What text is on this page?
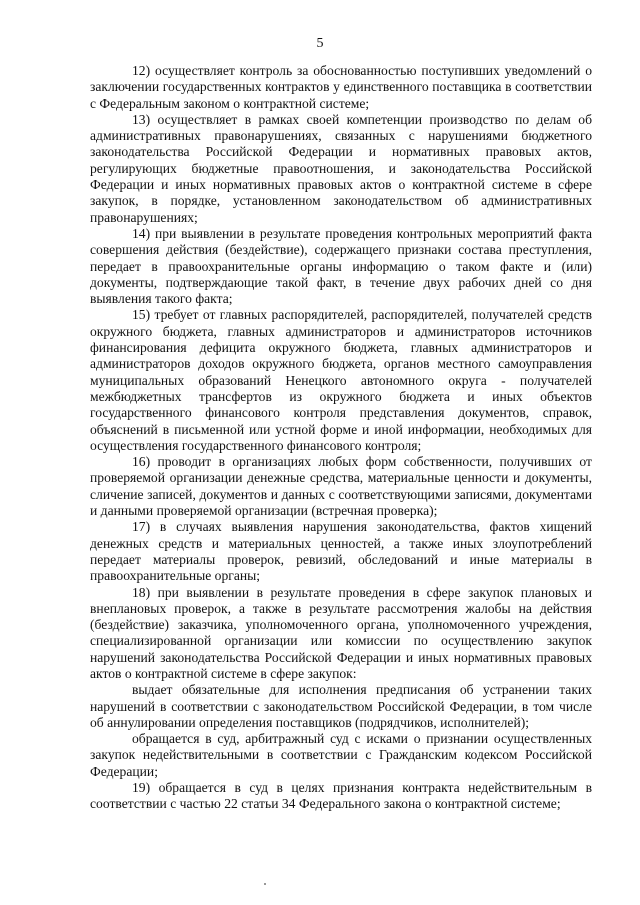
5

12) осуществляет контроль за обоснованностью поступивших уведомлений о заключении государственных контрактов у единственного поставщика в соответствии с Федеральным законом о контрактной системе;

13) осуществляет в рамках своей компетенции производство по делам об административных правонарушениях, связанных с нарушениями бюджетного законодательства Российской Федерации и нормативных правовых актов, регулирующих бюджетные правоотношения, и законодательства Российской Федерации и иных нормативных правовых актов о контрактной системе в сфере закупок, в порядке, установленном законодательством об административных правонарушениях;

14) при выявлении в результате проведения контрольных мероприятий факта совершения действия (бездействие), содержащего признаки состава преступления, передает в правоохранительные органы информацию о таком факте и (или) документы, подтверждающие такой факт, в течение двух рабочих дней со дня выявления такого факта;

15) требует от главных распорядителей, распорядителей, получателей средств окружного бюджета, главных администраторов и администраторов источников финансирования дефицита окружного бюджета, главных администраторов и администраторов доходов окружного бюджета, органов местного самоуправления муниципальных образований Ненецкого автономного округа - получателей межбюджетных трансфертов из окружного бюджета и иных объектов государственного финансового контроля представления документов, справок, объяснений в письменной или устной форме и иной информации, необходимых для осуществления государственного финансового контроля;

16) проводит в организациях любых форм собственности, получивших от проверяемой организации денежные средства, материальные ценности и документы, сличение записей, документов и данных с соответствующими записями, документами и данными проверяемой организации (встречная проверка);

17) в случаях выявления нарушения законодательства, фактов хищений денежных средств и материальных ценностей, а также иных злоупотреблений передает материалы проверок, ревизий, обследований и иные материалы в правоохранительные органы;

18) при выявлении в результате проведения в сфере закупок плановых и внеплановых проверок, а также в результате рассмотрения жалобы на действия (бездействие) заказчика, уполномоченного органа, уполномоченного учреждения, специализированной организации или комиссии по осуществлению закупок нарушений законодательства Российской Федерации и иных нормативных правовых актов о контрактной системе в сфере закупок:

выдает обязательные для исполнения предписания об устранении таких нарушений в соответствии с законодательством Российской Федерации, в том числе об аннулировании определения поставщиков (подрядчиков, исполнителей);

обращается в суд, арбитражный суд с исками о признании осуществленных закупок недействительными в соответствии с Гражданским кодексом Российской Федерации;

19) обращается в суд в целях признания контракта недействительным в соответствии с частью 22 статьи 34 Федерального закона о контрактной системе;
